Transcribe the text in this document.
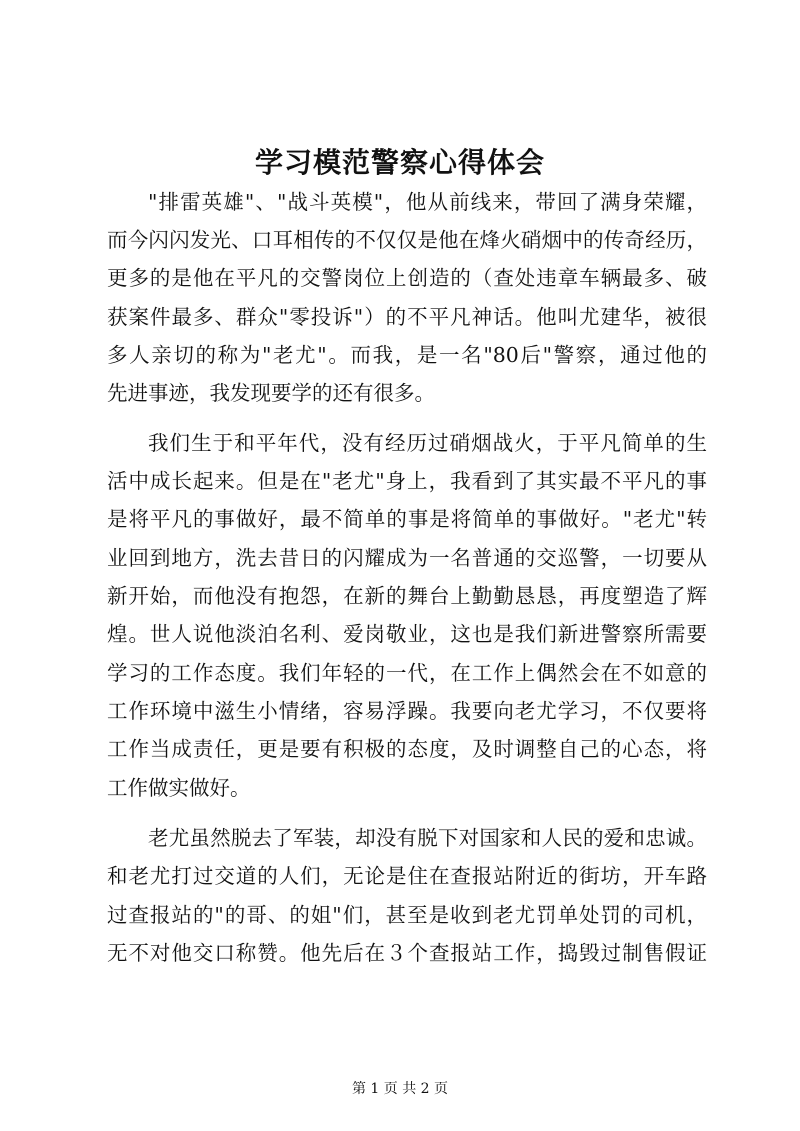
学习模范警察心得体会

"排雷英雄"、"战斗英模"，他从前线来，带回了满身荣耀，

而今闪闪发光、口耳相传的不仅仅是他在烽火硝烟中的传奇经历，

更多的是他在平凡的交警岗位上创造的（查处违章车辆最多、破

获案件最多、群众"零投诉"）的不平凡神话。他叫尤建华，被很

多人亲切的称为"老尤"。而我，是一名"80后"警察，通过他的

先进事迹，我发现要学的还有很多。

我们生于和平年代，没有经历过硝烟战火，于平凡简单的生

活中成长起来。但是在"老尤"身上，我看到了其实最不平凡的事

是将平凡的事做好，最不简单的事是将简单的事做好。"老尤"转

业回到地方，洗去昔日的闪耀成为一名普通的交巡警，一切要从

新开始，而他没有抱怨，在新的舞台上勤勤恳恳，再度塑造了辉

煌。世人说他淡泊名利、爱岗敬业，这也是我们新进警察所需要

学习的工作态度。我们年轻的一代，在工作上偶然会在不如意的

工作环境中滋生小情绪，容易浮躁。我要向老尤学习，不仅要将

工作当成责任，更是要有积极的态度，及时调整自己的心态，将

工作做实做好。

老尤虽然脱去了军装，却没有脱下对国家和人民的爱和忠诚。

和老尤打过交道的人们，无论是住在查报站附近的街坊，开车路

过查报站的"的哥、的姐"们，甚至是收到老尤罚单处罚的司机，

无不对他交口称赞。他先后在３个查报站工作，捣毁过制售假证

第 1 页 共 2 页
